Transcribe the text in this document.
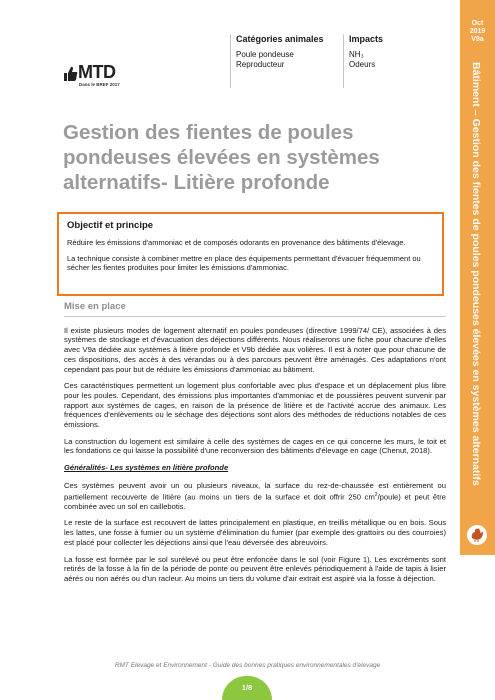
MTD
Dans le BREF 2017
Catégories animales
Poule pondeuse
Reproducteur
Impacts
NH₃
Odeurs
Oct
2019
V9a
Bâtiment – Gestion des fientes de poules pondeuses élevées en systèmes alternatifs
Gestion des fientes de poules pondeuses élevées en systèmes alternatifs- Litière profonde
Objectif et principe

Réduire les émissions d'ammoniac et de composés odorants en provenance des bâtiments d'élevage.

La technique consiste à combiner mettre en place des équipements permettant d'évacuer fréquemment ou sécher les fientes produites pour limiter les émissions d'ammoniac.

Mise en place

Il existe plusieurs modes de logement alternatif en poules pondeuses (directive 1999/74/ CE), associées à des systèmes de stockage et d'évacuation des déjections différents. Nous réaliserons une fiche pour chacune d'elles avec V9a dédiée aux systèmes à litière profonde et V9b dédiée aux volières. Il est à noter que pour chacune de ces dispositions, des accès à des vérandas ou à des parcours peuvent être aménagés. Ces adaptations n'ont cependant pas pour but de réduire les émissions d'ammoniac au bâtiment.

Ces caractéristiques permettent un logement plus confortable avec plus d'espace et un déplacement plus libre pour les poules. Cependant, des émissions plus importantes d'ammoniac et de poussières peuvent survenir par rapport aux systèmes de cages, en raison de la présence de litière et de l'activité accrue des animaux. Les fréquences d'enlèvements ou le séchage des déjections sont alors des méthodes de réductions notables de ces émissions.

La construction du logement est similaire à celle des systèmes de cages en ce qui concerne les murs, le toit et les fondations ce qui laisse la possibilité d'une reconversion des bâtiments d'élevage en cage (Chenut, 2018).

Généralités- Les systèmes en litière profonde

Ces systèmes peuvent avoir un ou plusieurs niveaux, la surface du rez-de-chaussée est entièrement ou partiellement recouverte de litière (au moins un tiers de la surface et doit offrir 250 $cm^2/poule$) et peut être combinée avec un sol en caillebotis.

Le reste de la surface est recouvert de lattes principalement en plastique, en treillis métallique ou en bois. Sous les lattes, une fosse à fumier ou un système d'élimination du fumier (par exemple des grattoirs ou des courroies) est placé pour collecter les déjections ainsi que l'eau déversée des abreuvoirs.

La fosse est formée par le sol surélevé ou peut être enfoncée dans le sol (voir Figure 1). Les excréments sont retirés de la fosse à la fin de la période de ponte ou peuvent être enlevés périodiquement à l'aide de tapis à lisier aérés ou non aérés ou d'un racleur. Au moins un tiers du volume d'air extrait est aspiré via la fosse à déjection.

RMT Elevage et Environnement - Guide des bonnes pratiques environnementales d'élevage
1/8
